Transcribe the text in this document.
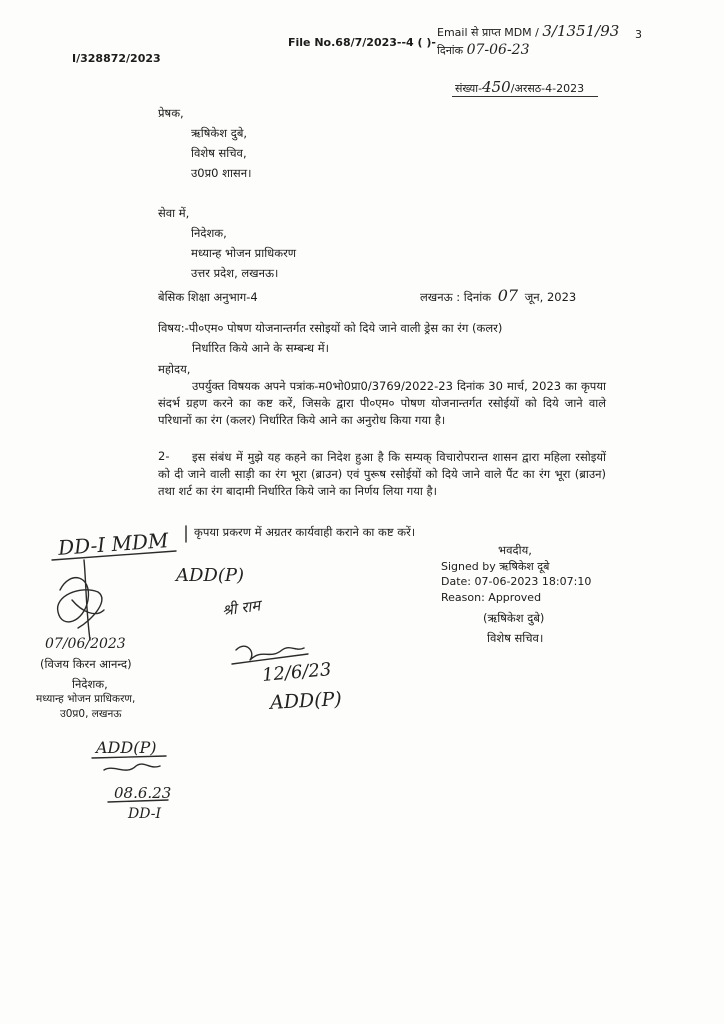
I/328872/2023
File No.68/7/2023--4 ( )-
Email से प्राप्त MDM / 3/1351/93
दिनांक 07-06-23
3
संख्या-450/अरसठ-4-2023
प्रेषक,
ऋषिकेश दुबे,
विशेष सचिव,
उ0प्र0 शासन।
सेवा में,
निदेशक,
मध्यान्ह भोजन प्राधिकरण
उत्तर प्रदेश, लखनऊ।
बेसिक शिक्षा अनुभाग-4	लखनऊ : दिनांक 07 जून, 2023
विषय:-पी०एम० पोषण योजनान्तर्गत रसोइयों को दिये जाने वाली ड्रेस का रंग (कलर)
निर्धारित किये आने के सम्बन्ध में।
महोदय,
उपर्युक्त विषयक अपने पत्रांक-म0भो0प्रा0/3769/2022-23 दिनांक 30 मार्च, 2023 का कृपया संदर्भ ग्रहण करने का कष्ट करें, जिसके द्वारा पी०एम० पोषण योजनान्तर्गत रसोईयों को दिये जाने वाले परिधानों का रंग (कलर) निर्धारित किये आने का अनुरोध किया गया है।
2-	इस संबंध में मुझे यह कहने का निदेश हुआ है कि सम्यक् विचारोपरान्त शासन द्वारा महिला रसोइयों को दी जाने वाली साड़ी का रंग भूरा (ब्राउन) एवं पुरूष रसोईयों को दिये जाने वाले पैंट का रंग भूरा (ब्राउन) तथा शर्ट का रंग बादामी निर्धारित किये जाने का निर्णय लिया गया है।
कृपया प्रकरण में अग्रतर कार्यवाही कराने का कष्ट करें।
भवदीय,
Signed by ऋषिकेश दूबे
Date: 07-06-2023 18:07:10
Reason: Approved
(ऋषिकेश दुबे)
विशेष सचिव।
07/06/2023
(विजय किरन आनन्द)
निदेशक,
मध्यान्ह भोजन प्राधिकरण,
उ0प्र0, लखनऊ
DD-I MDM
ADD(P)
श्री राम
12/6/23
ADD(P)
ADD(P)
08.6.23
DD-I
